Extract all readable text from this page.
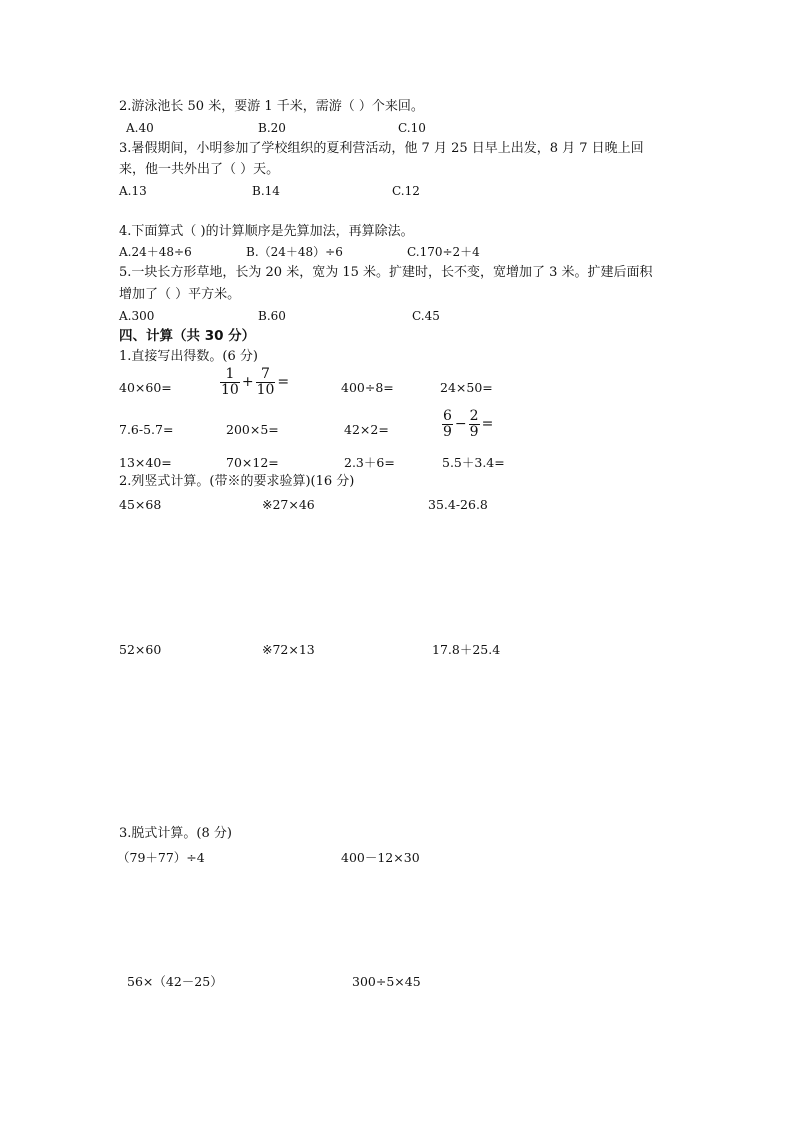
2.游泳池长 50 米，要游 1 千米，需游（ ）个来回。
A.40	B.20	C.10
3.暑假期间，小明参加了学校组织的夏利营活动，他 7 月 25 日早上出发，8 月 7 日晚上回
来，他一共外出了（ ）天。
A.13	B.14	C.12
4.下面算式（ )的计算顺序是先算加法，再算除法。
A.24＋48÷6	B.（24＋48）÷6	C.170÷2＋4
5.一块长方形草地，长为 20 米，宽为 15 米。扩建时，长不变，宽增加了 3 米。扩建后面积
增加了（ ）平方米。
A.300	B.60	C.45
四、计算（共 30 分）
1.直接写出得数。(6 分)
40×60=	$\frac{1}{10} + \frac{7}{10}$ =	400÷8=	24×50=
7.6-5.7=	200×5=	42×2=	$\frac{6}{9} - \frac{2}{9}$ =
13×40=	70×12=	2.3＋6=	5.5＋3.4=
2.列竖式计算。(带※的要求验算)(16 分)
45×68	※27×46	35.4-26.8
52×60	※72×13	17.8＋25.4
3.脱式计算。(8 分)
（79＋77）÷4	400－12×30
56×（42－25）	300÷5×45
